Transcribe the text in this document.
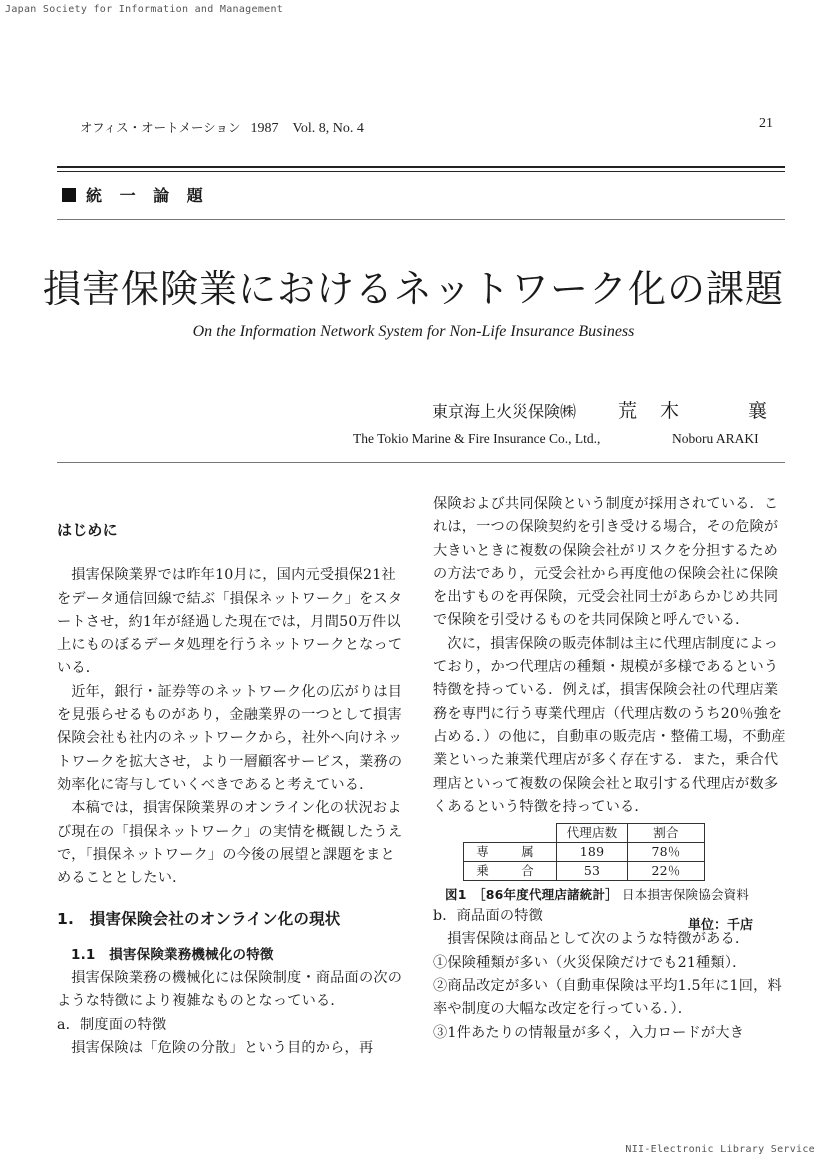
Japan Society for Information and Management
オフィス・オートメーション 1987　Vol. 8, No. 4	21
統 一 論 題
損害保険業におけるネットワーク化の課題
On the Information Network System for Non-Life Insurance Business
東京海上火災保険㈱ 荒 木	襄
The Tokio Marine & Fire Insurance Co., Ltd.,	Noboru ARAKI

はじめに

損害保険業界では昨年10月に，国内元受損保21社をデータ通信回線で結ぶ「損保ネットワーク」をスタートさせ，約1年が経過した現在では，月間50万件以上にものぼるデータ処理を行うネットワークとなっている．

近年，銀行・証券等のネットワーク化の広がりは目を見張らせるものがあり，金融業界の一つとして損害保険会社も社内のネットワークから，社外へ向けネットワークを拡大させ，より一層顧客サービス，業務の効率化に寄与していくべきであると考えている．

本稿では，損害保険業界のオンライン化の状況および現在の「損保ネットワーク」の実情を概観したうえで，「損保ネットワーク」の今後の展望と課題をまとめることとしたい．

1.　損害保険会社のオンライン化の現状

1.1　損害保険業務機械化の特徴

損害保険業務の機械化には保険制度・商品面の次のような特徴により複雑なものとなっている．

a．制度面の特徴

損害保険は「危険の分散」という目的から，再

保険および共同保険という制度が採用されている．これは，一つの保険契約を引き受ける場合，その危険が大きいときに複数の保険会社がリスクを分担するための方法であり，元受会社から再度他の保険会社に保険を出すものを再保険，元受会社同士があらかじめ共同で保険を引受けるものを共同保険と呼んでいる．

次に，損害保険の販売体制は主に代理店制度によっており，かつ代理店の種類・規模が多様であるという特徴を持っている．例えば，損害保険会社の代理店業務を専門に行う専業代理店（代理店数のうち20％強を占める．）の他に，自動車の販売店・整備工場，不動産業といった兼業代理店が多く存在する．また，乗合代理店といって複数の保険会社と取引する代理店が数多くあるという特徴を持っている．

	代理店数	割合
専　属	189	78％
乗　合	53	22％

図1　 ［86年度代理店諸統計］ 日本損害保険協会資料

b．商品面の特徴

損害保険は商品として次のような特徴がある．

①保険種類が多い（火災保険だけでも21種類）．

②商品改定が多い（自動車保険は平均1.5年に1回，料率や制度の大幅な改定を行っている．）．

③1件あたりの情報量が多く，入力ロードが大き

単位：千店
NII-Electronic Library Service
